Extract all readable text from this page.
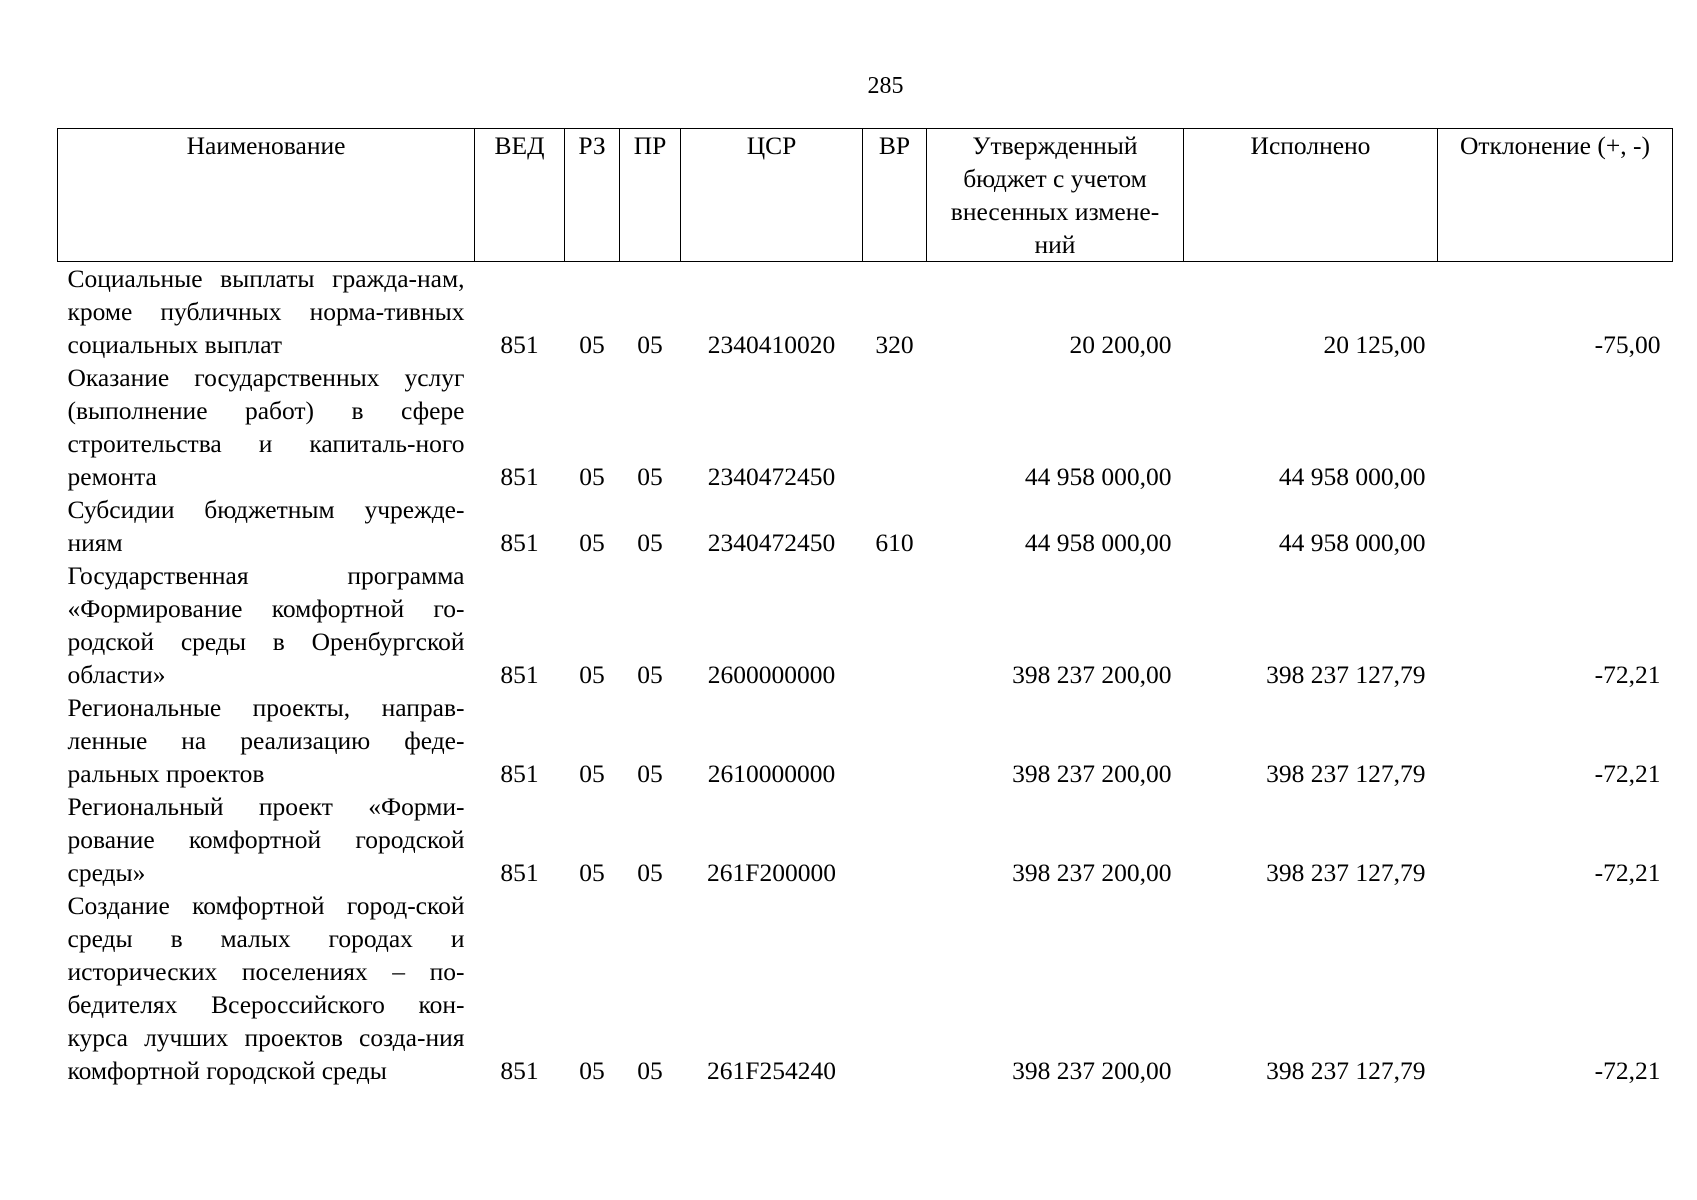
285
Наименование	ВЕД	РЗ	ПР	ЦСР	ВР	Утвержденный бюджет с учетом внесенных измене-ний	Исполнено	Отклонение (+, -)
Социальные выплаты гражда-нам, кроме публичных норма-тивных социальных выплат	851	05	05	2340410020	320	20 200,00	20 125,00	-75,00
Оказание государственных услуг (выполнение работ) в сфере строительства и капиталь-ного ремонта	851	05	05	2340472450		44 958 000,00	44 958 000,00	
Субсидии бюджетным учрежде-ниям	851	05	05	2340472450	610	44 958 000,00	44 958 000,00	
Государственная программа «Формирование комфортной го-родской среды в Оренбургской области»	851	05	05	2600000000		398 237 200,00	398 237 127,79	-72,21
Региональные проекты, направ-ленные на реализацию феде-ральных проектов	851	05	05	2610000000		398 237 200,00	398 237 127,79	-72,21
Региональный проект «Форми-рование комфортной городской среды»	851	05	05	261F200000		398 237 200,00	398 237 127,79	-72,21
Создание комфортной город-ской среды в малых городах и исторических поселениях – по-бедителях Всероссийского кон-курса лучших проектов созда-ния комфортной городской среды	851	05	05	261F254240		398 237 200,00	398 237 127,79	-72,21
